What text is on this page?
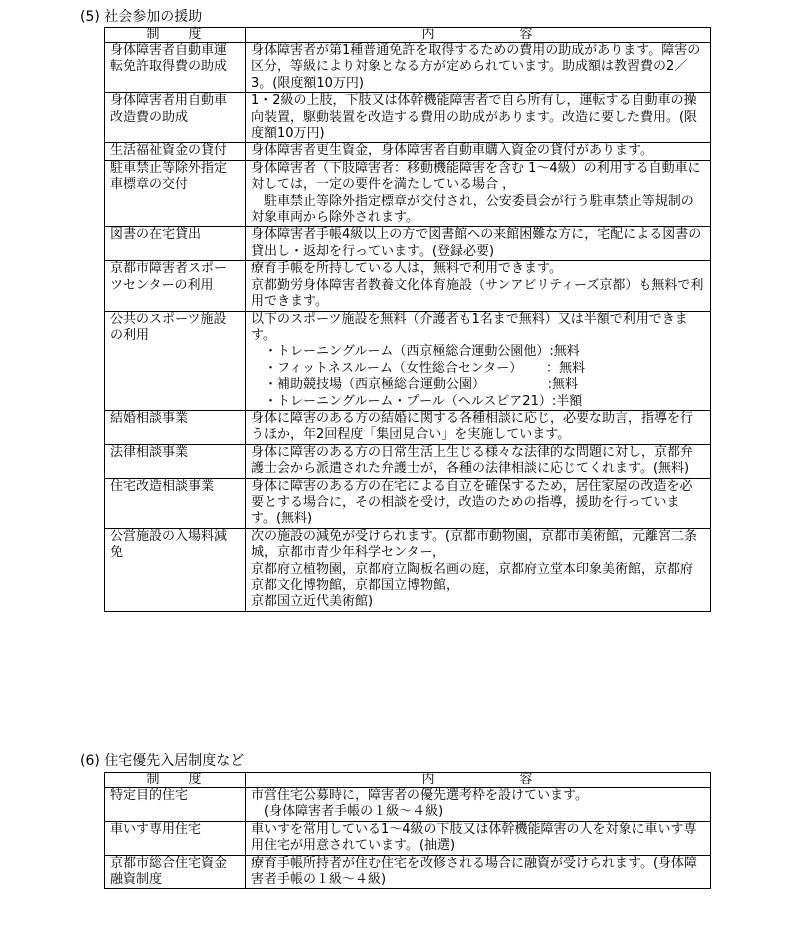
(5) 社会参加の援助
制　　度	内　　　　　　容
身体障害者自動車運転免許取得費の助成	身体障害者が第1種普通免許を取得するための費用の助成があります。障害の区分，等級により対象となる方が定められています。助成額は教習費の2／3。(限度額10万円)

身体障害者用自動車改造費の助成	1・2級の上肢，下肢又は体幹機能障害者で自ら所有し，運転する自動車の操向装置，駆動装置を改造する費用の助成があります。改造に要した費用。(限度額10万円)

生活福祉資金の貸付	身体障害者更生資金，身体障害者自動車購入資金の貸付があります。

駐車禁止等除外指定車標章の交付	身体障害者（下肢障害者：移動機能障害を含む 1～4級）の利用する自動車に対しては，一定の要件を満たしている場合 ，
　駐車禁止等除外指定標章が交付され，公安委員会が行う駐車禁止等規制の対象車両から除外されます。

図書の在宅貸出	身体障害者手帳4級以上の方で図書館への来館困難な方に，宅配による図書の貸出し・返却を行っています。(登録必要)

京都市障害者スポーツセンターの利用	療育手帳を所持している人は，無料で利用できます。
京都勤労身体障害者教養文化体育施設（サンアビリティーズ京都）も無料で利用できます。

公共のスポーツ施設の利用	以下のスポーツ施設を無料（介護者も1名まで無料）又は半額で利用できます。
　・トレーニングルーム（西京極総合運動公園他）:無料
　・フィットネスルーム（女性総合センター）　　 ：無料
　・補助競技場（西京極総合運動公園）　　　　　 :無料
　・トレーニングルーム・プール（ヘルスピア21）:半額

結婚相談事業	身体に障害のある方の結婚に関する各種相談に応じ，必要な助言，指導を行うほか，年2回程度「集団見合い」を実施しています。

法律相談事業	身体に障害のある方の日常生活上生じる様々な法律的な問題に対し，京都弁護士会から派遣された弁護士が，各種の法律相談に応じてくれます。(無料)

住宅改造相談事業	身体に障害のある方の在宅による自立を確保するため，居住家屋の改造を必要とする場合に，その相談を受け，改造のための指導，援助を行っています。(無料)

公営施設の入場料減免	次の施設の減免が受けられます。(京都市動物園，京都市美術館，元離宮二条城，京都市青少年科学センター，
京都府立植物園，京都府立陶板名画の庭，京都府立堂本印象美術館，京都府京都文化博物館，京都国立博物館，
京都国立近代美術館)
(6) 住宅優先入居制度など
制　　度	内　　　　　　容
特定目的住宅	市営住宅公募時に，障害者の優先選考枠を設けています。
　(身体障害者手帳の１級～４級)

車いす専用住宅	車いすを常用している1～4級の下肢又は体幹機能障害の人を対象に車いす専用住宅が用意されています。(抽選)

京都市総合住宅資金融資制度	療育手帳所持者が住む住宅を改修される場合に融資が受けられます。(身体障害者手帳の１級～４級)
